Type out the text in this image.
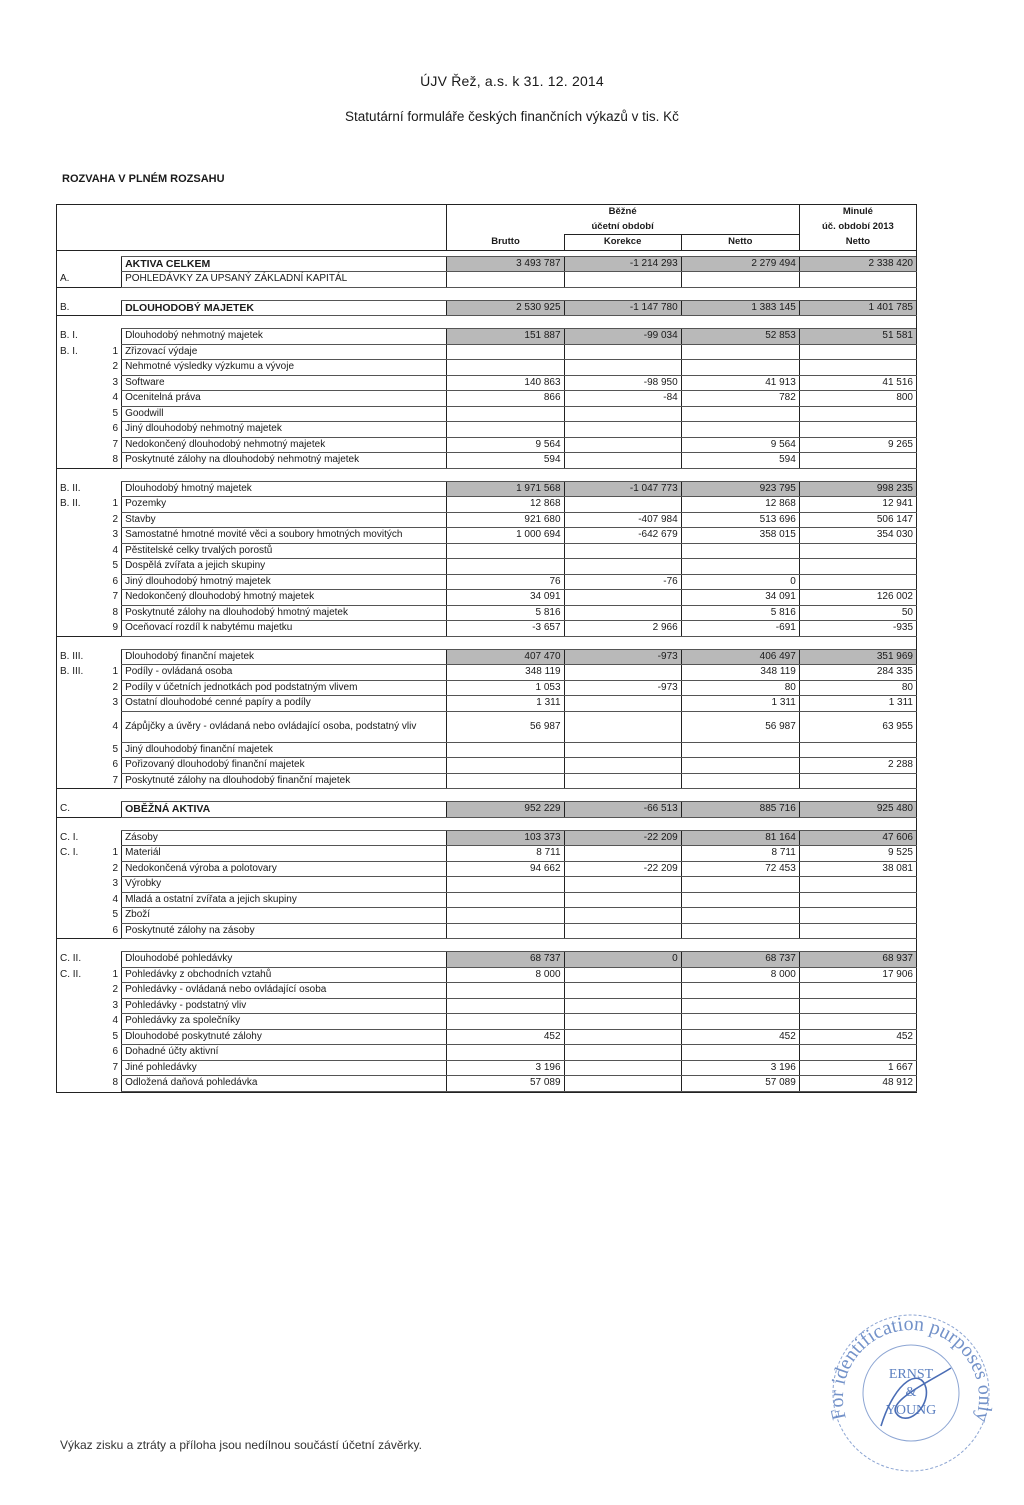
ÚJV Řež, a.s. k 31. 12. 2014
Statutární formuláře českých finančních výkazů v tis. Kč
ROZVAHA V PLNÉM ROZSAHU
				Běžné		Minulé
				účetní období		úč. období 2013
			Brutto	Korekce	Netto	Netto

		AKTIVA CELKEM	3 493 787	-1 214 293	2 279 494	2 338 420
A.		POHLEDÁVKY ZA UPSANÝ ZÁKLADNÍ KAPITÁL				

B.		DLOUHODOBÝ MAJETEK	2 530 925	-1 147 780	1 383 145	1 401 785

B. I.		Dlouhodobý nehmotný majetek	151 887	-99 034	52 853	51 581
B. I.	1	Zřizovací výdaje				
	2	Nehmotné výsledky výzkumu a vývoje				
	3	Software	140 863	-98 950	41 913	41 516
	4	Ocenitelná práva	866	-84	782	800
	5	Goodwill				
	6	Jiný dlouhodobý nehmotný majetek				
	7	Nedokončený dlouhodobý nehmotný majetek	9 564		9 564	9 265
	8	Poskytnuté zálohy na dlouhodobý nehmotný majetek	594		594	

B. II.		Dlouhodobý hmotný majetek	1 971 568	-1 047 773	923 795	998 235
B. II.	1	Pozemky	12 868		12 868	12 941
	2	Stavby	921 680	-407 984	513 696	506 147
	3	Samostatné hmotné movité věci a soubory hmotných movitých	1 000 694	-642 679	358 015	354 030
	4	Pěstitelské celky trvalých porostů				
	5	Dospělá zvířata a jejich skupiny				
	6	Jiný dlouhodobý hmotný majetek	76	-76	0	
	7	Nedokončený dlouhodobý hmotný majetek	34 091		34 091	126 002
	8	Poskytnuté zálohy na dlouhodobý hmotný majetek	5 816		5 816	50
	9	Oceňovací rozdíl k nabytému majetku	-3 657	2 966	-691	-935

B. III.		Dlouhodobý finanční majetek	407 470	-973	406 497	351 969
B. III.	1	Podíly - ovládaná osoba	348 119		348 119	284 335
	2	Podíly v účetních jednotkách pod podstatným vlivem	1 053	-973	80	80
	3	Ostatní dlouhodobé cenné papíry a podíly	1 311		1 311	1 311
	4	Zápůjčky a úvěry - ovládaná nebo ovládající osoba, podstatný vliv	56 987		56 987	63 955
	5	Jiný dlouhodobý finanční majetek				
	6	Pořizovaný dlouhodobý finanční majetek				2 288
	7	Poskytnuté zálohy na dlouhodobý finanční majetek				

C.		OBĚŽNÁ AKTIVA	952 229	-66 513	885 716	925 480

C. I.		Zásoby	103 373	-22 209	81 164	47 606
C. I.	1	Materiál	8 711		8 711	9 525
	2	Nedokončená výroba a polotovary	94 662	-22 209	72 453	38 081
	3	Výrobky				
	4	Mladá a ostatní zvířata a jejich skupiny				
	5	Zboží				
	6	Poskytnuté zálohy na zásoby				

C. II.		Dlouhodobé pohledávky	68 737	0	68 737	68 937
C. II.	1	Pohledávky z obchodních vztahů	8 000		8 000	17 906
	2	Pohledávky - ovládaná nebo ovládající osoba				
	3	Pohledávky - podstatný vliv				
	4	Pohledávky za společníky				
	5	Dlouhodobé poskytnuté zálohy	452		452	452
	6	Dohadné účty aktivní				
	7	Jiné pohledávky	3 196		3 196	1 667
	8	Odložená daňová pohledávka	57 089		57 089	48 912

Výkaz zisku a ztráty a příloha jsou nedílnou součástí účetní závěrky.
For identification purposes only
ERNST
&
YOUNG
